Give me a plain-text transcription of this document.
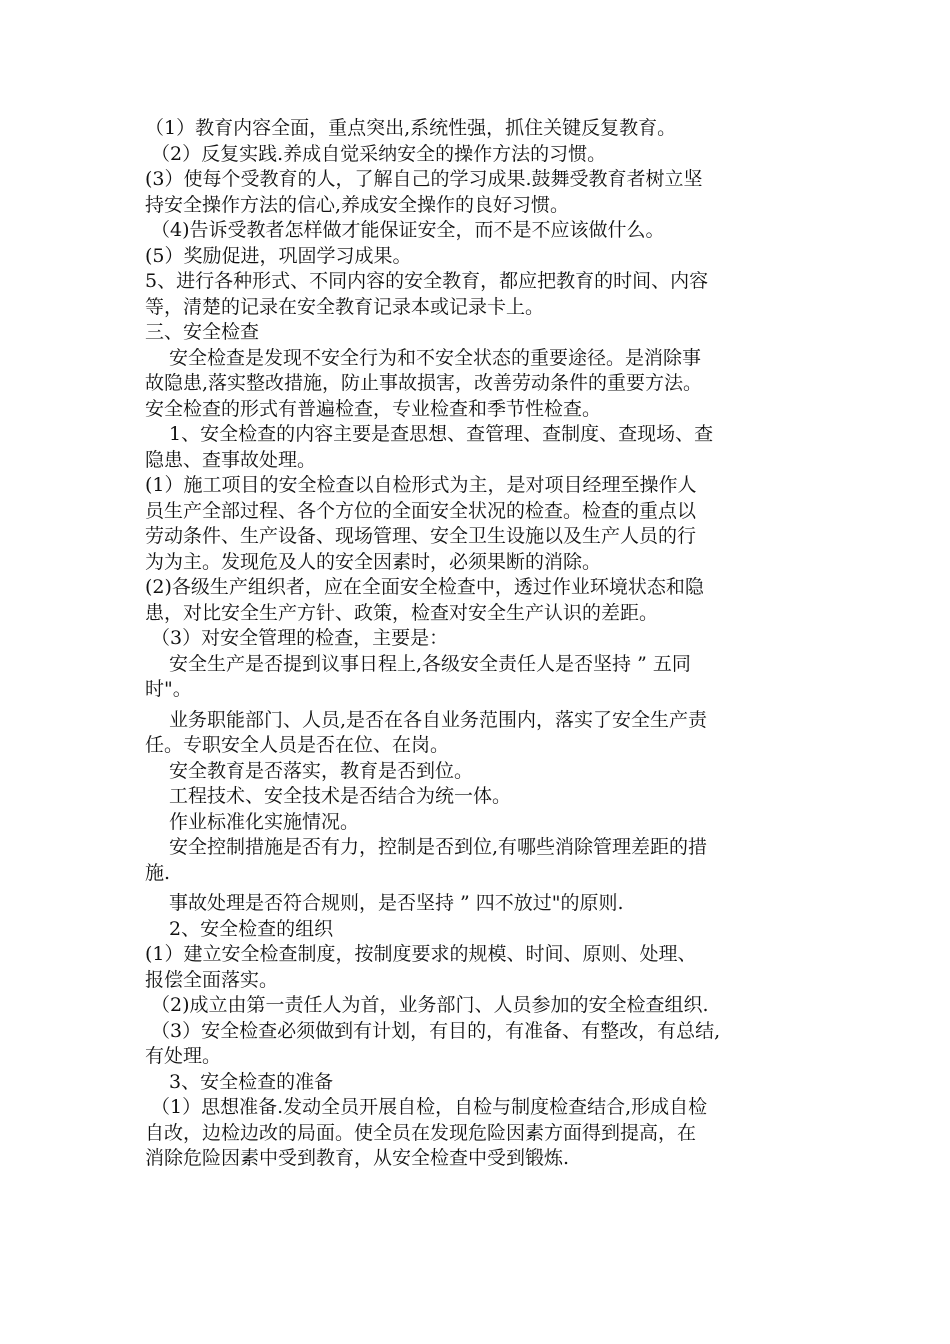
（1）教育内容全面，重点突出,系统性强，抓住关键反复教育。
（2）反复实践.养成自觉采纳安全的操作方法的习惯。
(3）使每个受教育的人，了解自己的学习成果.鼓舞受教育者树立坚
持安全操作方法的信心,养成安全操作的良好习惯。
（4)告诉受教者怎样做才能保证安全，而不是不应该做什么。
(5）奖励促进，巩固学习成果。
5、进行各种形式、不同内容的安全教育，都应把教育的时间、内容
等，清楚的记录在安全教育记录本或记录卡上。
三、安全检查
安全检查是发现不安全行为和不安全状态的重要途径。是消除事
故隐患,落实整改措施，防止事故损害，改善劳动条件的重要方法。
安全检查的形式有普遍检查，专业检查和季节性检查。
1、安全检查的内容主要是查思想、查管理、查制度、查现场、查
隐患、查事故处理。
(1）施工项目的安全检查以自检形式为主，是对项目经理至操作人
员生产全部过程、各个方位的全面安全状况的检查。检查的重点以
劳动条件、生产设备、现场管理、安全卫生设施以及生产人员的行
为为主。发现危及人的安全因素时，必须果断的消除。
(2)各级生产组织者，应在全面安全检查中，透过作业环境状态和隐
患，对比安全生产方针、政策，检查对安全生产认识的差距。
（3）对安全管理的检查，主要是：
安全生产是否提到议事日程上,各级安全责任人是否坚持 ” 五同
时"。
业务职能部门、人员,是否在各自业务范围内，落实了安全生产责
任。专职安全人员是否在位、在岗。
安全教育是否落实，教育是否到位。
工程技术、安全技术是否结合为统一体。
作业标准化实施情况。
安全控制措施是否有力，控制是否到位,有哪些消除管理差距的措
施.
事故处理是否符合规则，是否坚持 ” 四不放过"的原则.
2、安全检查的组织
(1）建立安全检查制度，按制度要求的规模、时间、原则、处理、
报偿全面落实。
（2)成立由第一责任人为首，业务部门、人员参加的安全检查组织.
（3）安全检查必须做到有计划，有目的，有准备、有整改，有总结,
有处理。
3、安全检查的准备
（1）思想准备.发动全员开展自检，自检与制度检查结合,形成自检
自改，边检边改的局面。使全员在发现危险因素方面得到提高，在
消除危险因素中受到教育，从安全检查中受到锻炼.
